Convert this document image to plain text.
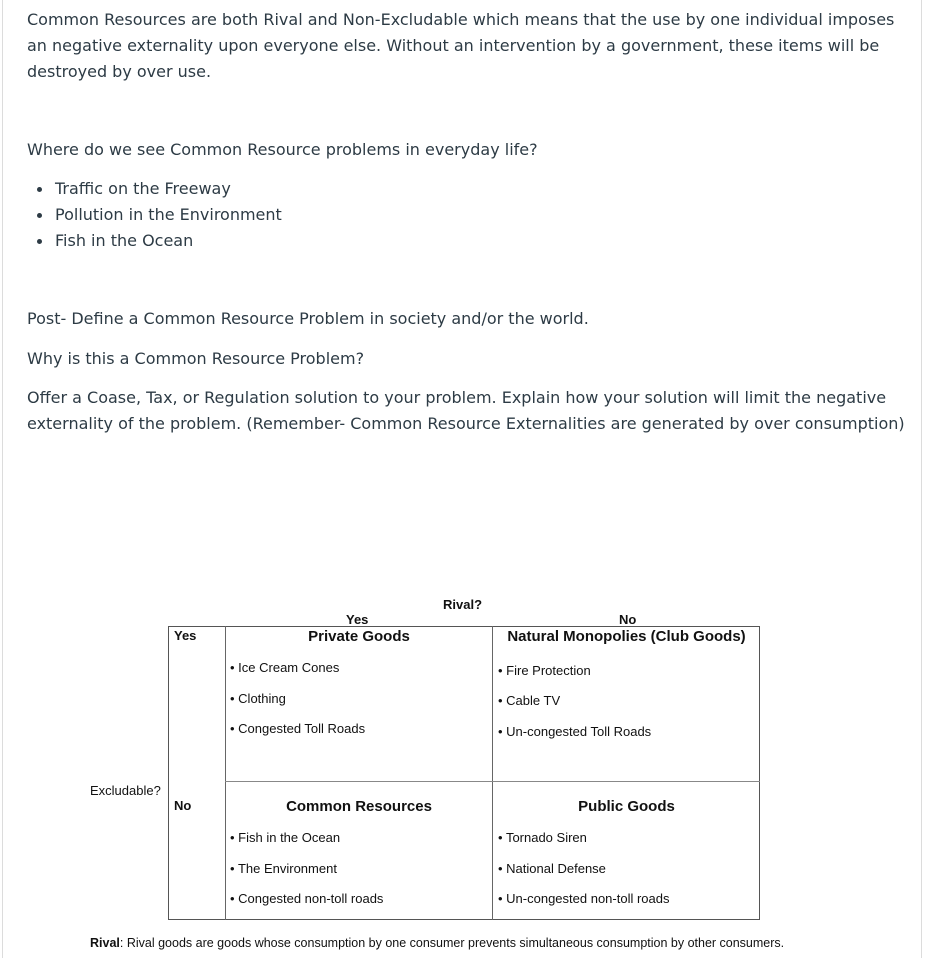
Common Resources are both Rival and Non-Excludable which means that the use by one individual imposes an negative externality upon everyone else. Without an intervention by a government, these items will be destroyed by over use.

Where do we see Common Resource problems in everyday life?

Traffic on the Freeway
Pollution in the Environment
Fish in the Ocean

Post- Define a Common Resource Problem in society and/or the world.

Why is this a Common Resource Problem?

Offer a Coase, Tax, or Regulation solution to your problem. Explain how your solution will limit the negative externality of the problem. (Remember- Common Resource Externalities are generated by over consumption)

Rival?
Yes	No
Yes
No
Excludable?
Private Goods
• Ice Cream Cones
• Clothing
• Congested Toll Roads
Natural Monopolies (Club Goods)
• Fire Protection
• Cable TV
• Un-congested Toll Roads
Common Resources
• Fish in the Ocean
• The Environment
• Congested non-toll roads
Public Goods
• Tornado Siren
• National Defense
• Un-congested non-toll roads
Rival: Rival goods are goods whose consumption by one consumer prevents simultaneous consumption by other consumers.
